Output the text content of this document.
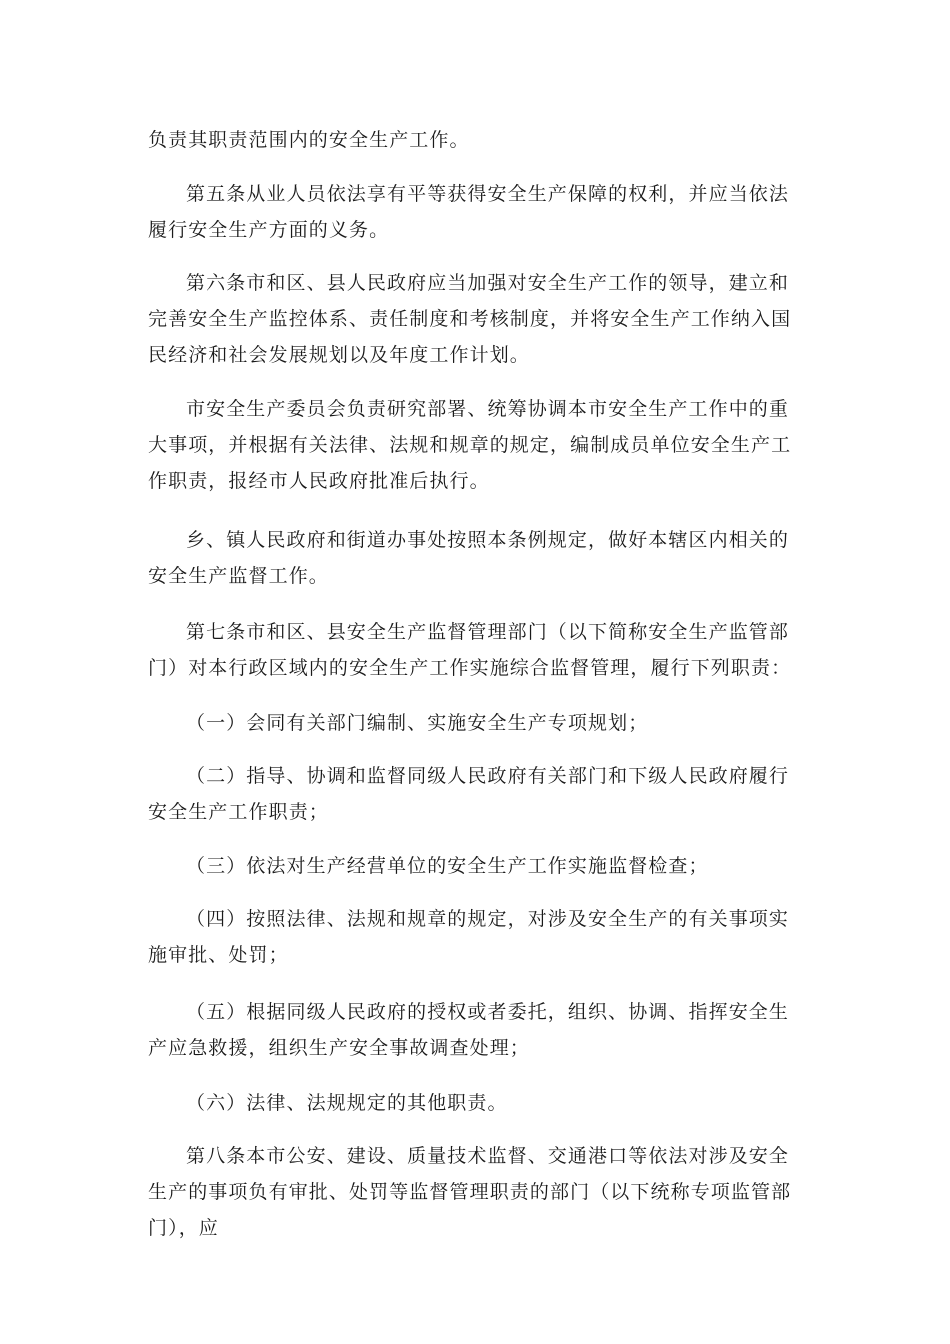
负责其职责范围内的安全生产工作。

第五条从业人员依法享有平等获得安全生产保障的权利，并应当依法履行安全生产方面的义务。

第六条市和区、县人民政府应当加强对安全生产工作的领导，建立和完善安全生产监控体系、责任制度和考核制度，并将安全生产工作纳入国民经济和社会发展规划以及年度工作计划。

市安全生产委员会负责研究部署、统筹协调本市安全生产工作中的重大事项，并根据有关法律、法规和规章的规定，编制成员单位安全生产工作职责，报经市人民政府批准后执行。

乡、镇人民政府和街道办事处按照本条例规定，做好本辖区内相关的安全生产监督工作。

第七条市和区、县安全生产监督管理部门（以下简称安全生产监管部门）对本行政区域内的安全生产工作实施综合监督管理，履行下列职责：

（一）会同有关部门编制、实施安全生产专项规划；

（二）指导、协调和监督同级人民政府有关部门和下级人民政府履行安全生产工作职责；

（三）依法对生产经营单位的安全生产工作实施监督检查；

（四）按照法律、法规和规章的规定，对涉及安全生产的有关事项实施审批、处罚；

（五）根据同级人民政府的授权或者委托，组织、协调、指挥安全生产应急救援，组织生产安全事故调查处理；

（六）法律、法规规定的其他职责。

第八条本市公安、建设、质量技术监督、交通港口等依法对涉及安全生产的事项负有审批、处罚等监督管理职责的部门（以下统称专项监管部门），应
